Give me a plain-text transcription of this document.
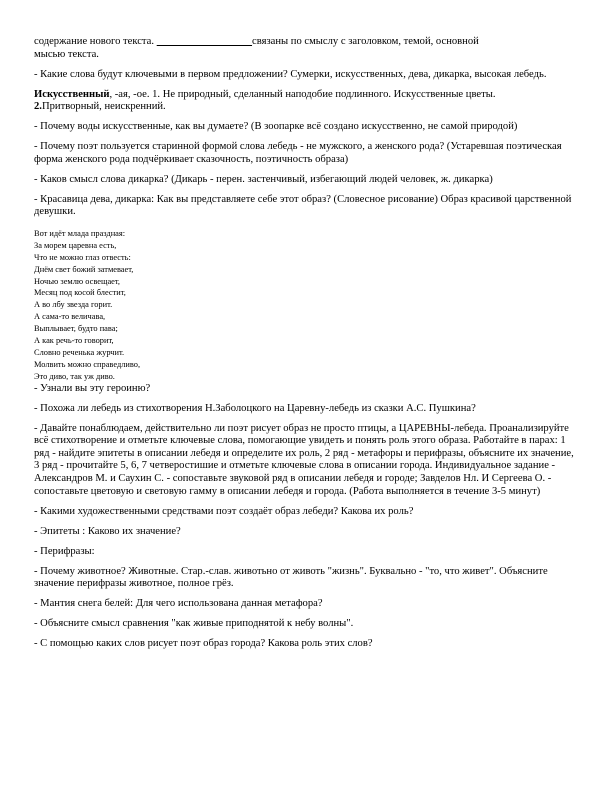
содержание нового текста.	связаны по смыслу с заголовком, темой, основной
мысью текста.

- Какие слова будут ключевыми в первом предложении? Сумерки, искусственных, дева, дикарка, высокая лебедь.

Искусственный, -ая, -ое. 1. Не природный, сделанный наподобие подлинного. Искусственные цветы.
2.Притворный, неискренний.

- Почему воды искусственные, как вы думаете? (В зоопарке всё создано искусственно, не самой природой)

- Почему поэт пользуется старинной формой слова лебедь - не мужского, а женского рода? (Устаревшая поэтическая форма женского рода подчёркивает сказочность, поэтичность образа)

- Каков смысл слова дикарка? (Дикарь - перен. застенчивый, избегающий людей человек, ж. дикарка)

- Красавица дева, дикарка: Как вы представляете себе этот образ? (Словесное рисование) Образ красивой царственной девушки.

Вот идёт млада праздная:

За морем царевна есть,

Что не можно глаз отвесть:

Днём свет божий затмевает,

Ночью землю освещает,

Месяц под косой блестит,

А во лбу звезда горит.

А сама-то величава,

Выплывает, будто пава;

А как речь-то говорит,

Словно реченька журчит.

Молвить можно справедливо,

Это диво, так уж диво.

- Узнали вы эту героиню?

- Похожа ли лебедь из стихотворения Н.Заболоцкого на Царевну-лебедь из сказки А.С. Пушкина?

- Давайте понаблюдаем, действительно ли поэт рисует образ не просто птицы, а ЦАРЕВНЫ-лебеда. Проанализируйте всё стихотворение и отметьте ключевые слова, помогающие увидеть и понять роль этого образа. Работайте в парах: 1 ряд - найдите эпитеты в описании лебедя и определите их роль, 2 ряд - метафоры и перифразы, объясните их значение, 3 ряд - прочитайте 5, 6, 7 четверостишие и отметьте ключевые слова в описании города. Индивидуальное задание - Александров М. и Саухин С. - сопоставьте звуковой ряд в описании лебедя и городе; Завделов Нл. И Сергеева О. - сопоставьте цветовую и световую гамму в описании лебедя и города. (Работа выполняется в течение 3-5 минут)

- Какими художественными средствами поэт создаёт образ лебеди? Какова их роль?

- Эпитеты : Каково их значение?

- Перифразы:

- Почему животное? Животные. Стар.-слав. животьно от животь "жизнь". Буквально - "то, что живет". Объясните значение перифразы животное, полное грёз.

- Мантия снега белей: Для чего использована данная метафора?

- Объясните смысл сравнения "как живые приподнятой к небу волны".

- С помощью каких слов рисует поэт образ города? Какова роль этих слов?
